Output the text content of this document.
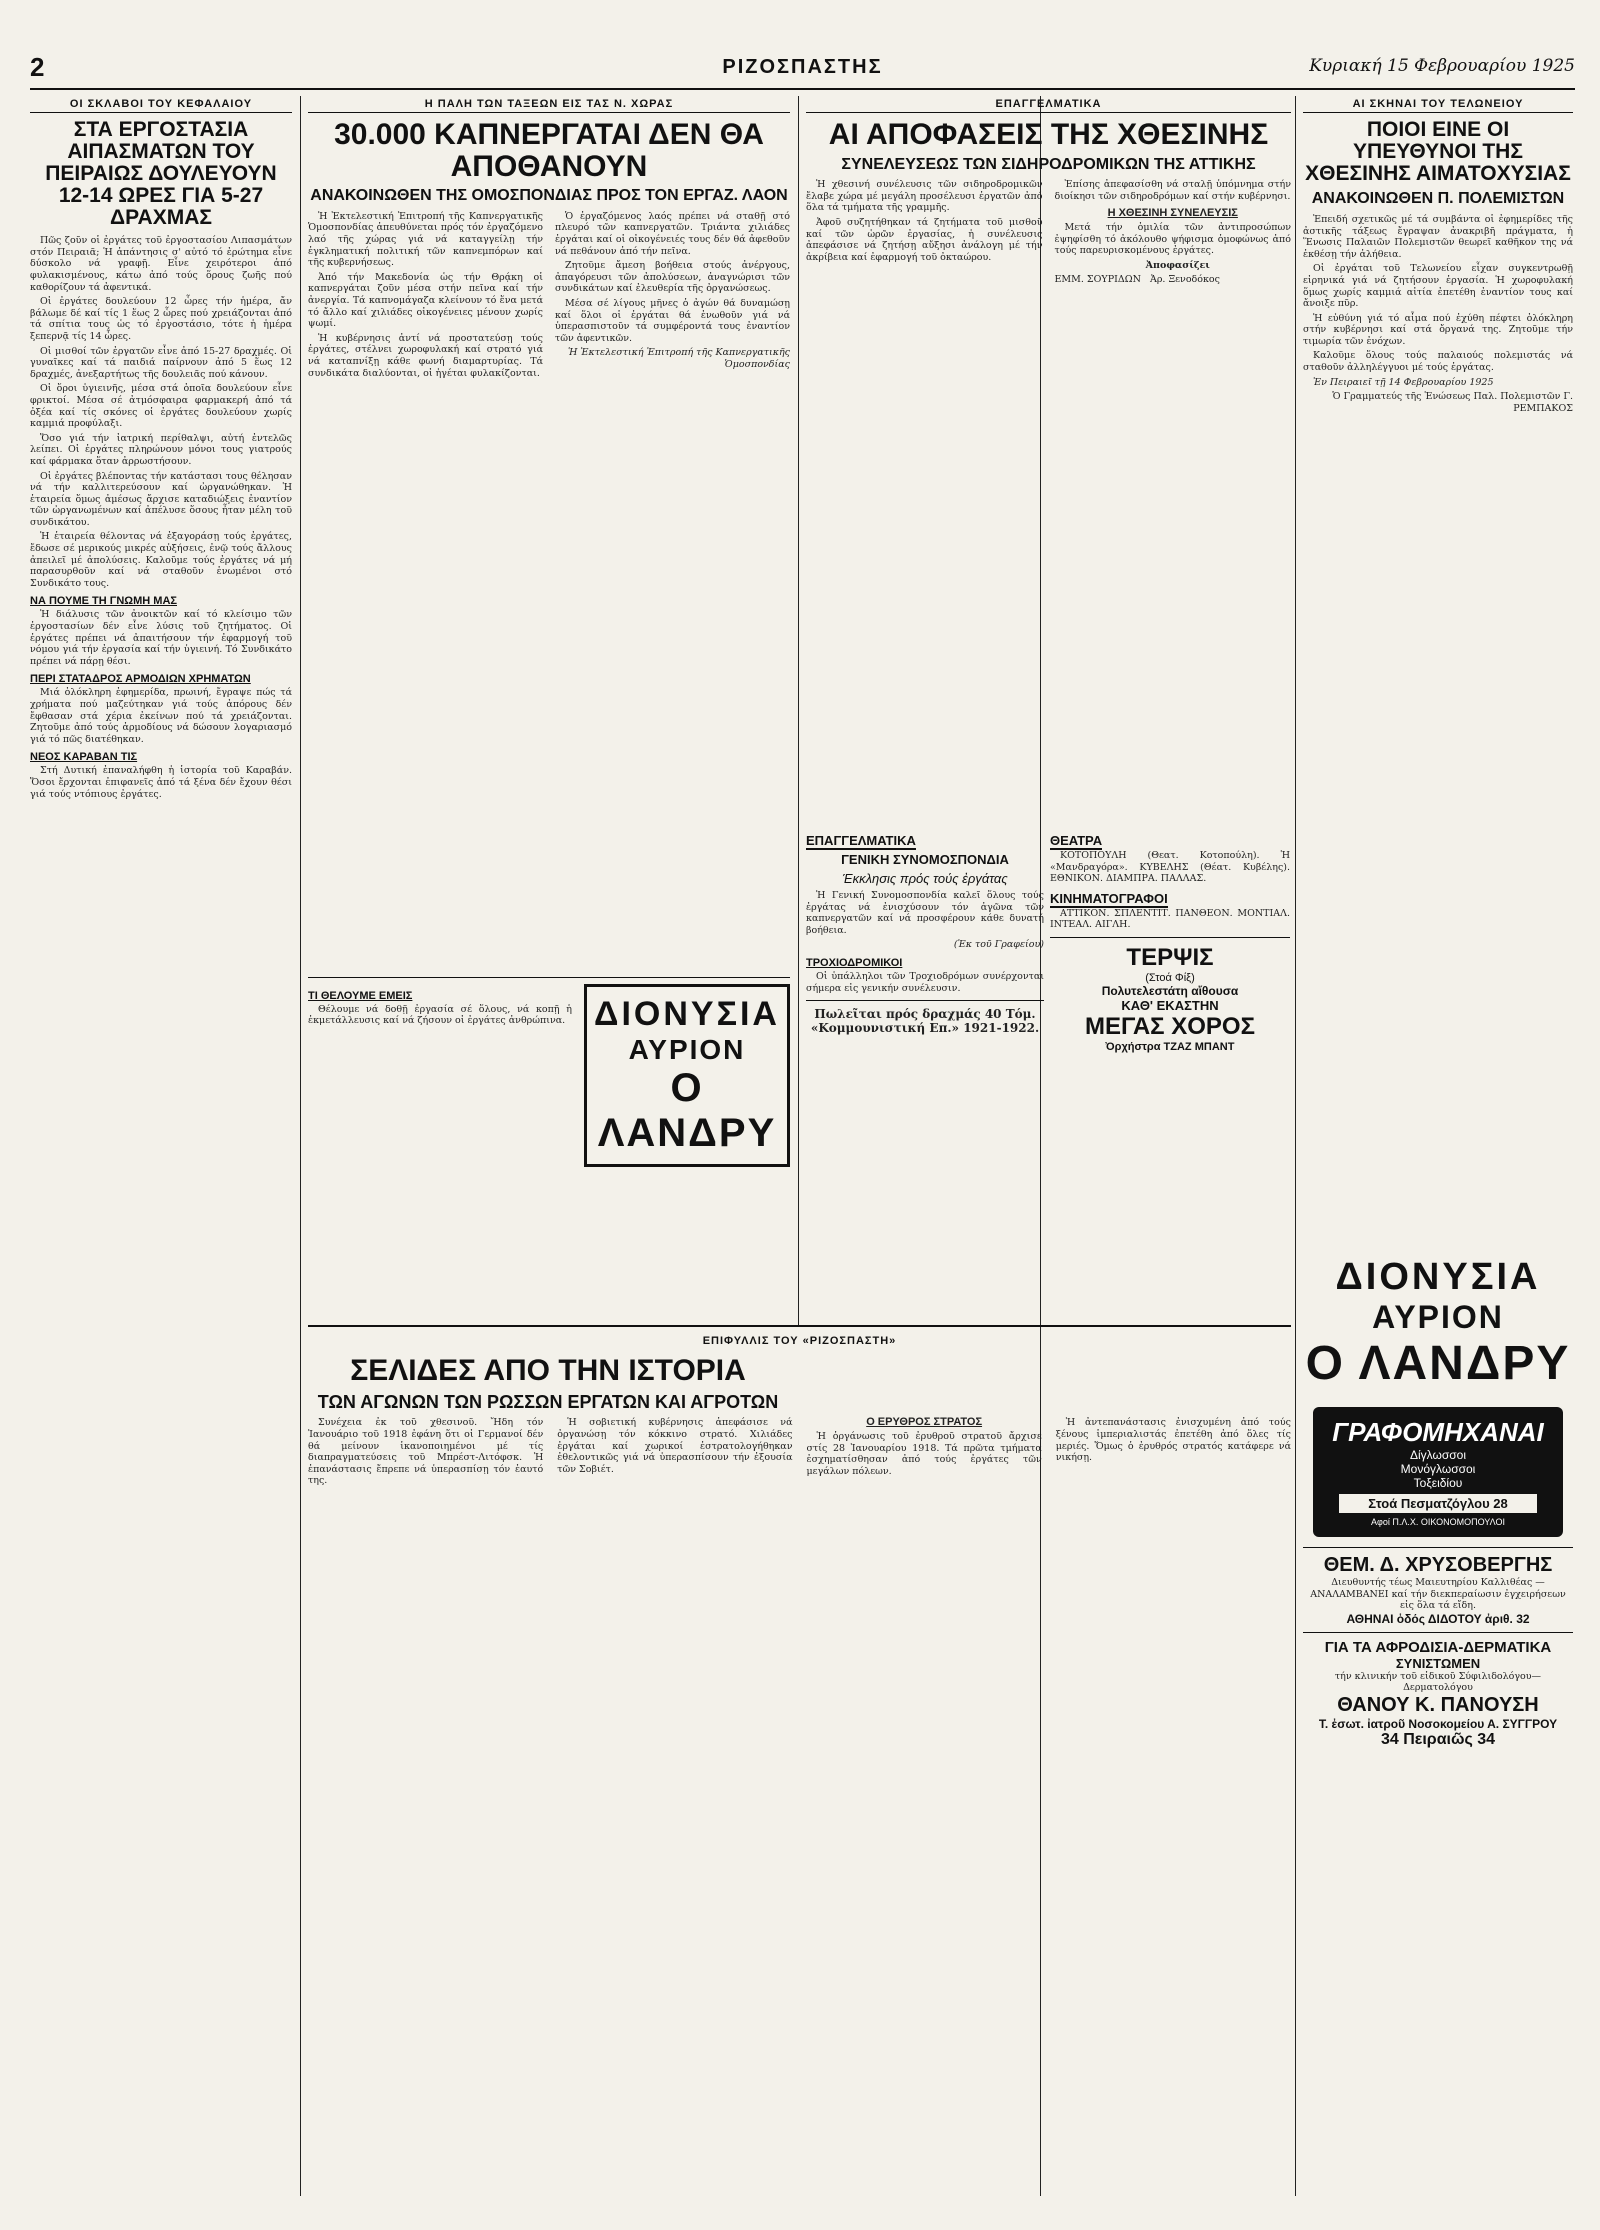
2	ΡΙΖΟΣΠΑΣΤΗΣ	Κυριακή 15 Φεβρουαρίου 1925
ΟΙ ΣΚΛΑΒΟΙ ΤΟΥ ΚΕΦΑΛΑΙΟΥ
ΣΤΑ ΕΡΓΟΣΤΑΣΙΑ ΑΙΠΑΣΜΑΤΩΝ ΤΟΥ ΠΕΙΡΑΙΩΣ ΔΟΥΛΕΥΟΥΝ 12-14 ΩΡΕΣ ΓΙΑ 5-27 ΔΡΑΧΜΑΣ

Πῶς ζοῦν οἱ ἐργάτες τοῦ ἐργοστασίου Λιπασμάτων στόν Πειραιᾶ; Ἡ ἀπάντησις σ' αὐτό τό ἐρώτημα εἶνε δύσκολο νά γραφῇ. Εἶνε χειρότεροι ἀπό φυλακισμένους, κάτω ἀπό τούς ὅρους ζωῆς πού καθορίζουν τά ἀφεντικά.

Οἱ ἐργάτες δουλεύουν 12 ὧρες τήν ἡμέρα, ἄν βάλωμε δέ καί τίς 1 ἕως 2 ὧρες πού χρειάζονται ἀπό τά σπίτια τους ὡς τό ἐργοστάσιο, τότε ἡ ἡμέρα ξεπερνᾷ τίς 14 ὧρες.

Οἱ μισθοί τῶν ἐργατῶν εἶνε ἀπό 15-27 δραχμές. Οἱ γυναῖκες καί τά παιδιά παίρνουν ἀπό 5 ἕως 12 δραχμές, ἀνεξαρτήτως τῆς δουλειᾶς πού κάνουν.

Οἱ ὅροι ὑγιεινῆς, μέσα στά ὁποῖα δουλεύουν εἶνε φρικτοί. Μέσα σέ ἀτμόσφαιρα φαρμακερή ἀπό τά ὀξέα καί τίς σκόνες οἱ ἐργάτες δουλεύουν χωρίς καμμιά προφύλαξι.

Ὅσο γιά τήν ἰατρική περίθαλψι, αὐτή ἐντελῶς λείπει. Οἱ ἐργάτες πληρώνουν μόνοι τους γιατρούς καί φάρμακα ὅταν ἀρρωστήσουν.

Οἱ ἐργάτες βλέποντας τήν κατάστασι τους θέλησαν νά τήν καλλιτερεύσουν καί ὠργανώθηκαν. Ἡ ἑταιρεία ὅμως ἀμέσως ἄρχισε καταδιώξεις ἐναντίον τῶν ὠργανωμένων καί ἀπέλυσε ὅσους ἦταν μέλη τοῦ συνδικάτου.

Ἡ ἑταιρεία θέλοντας νά ἐξαγοράσῃ τούς ἐργάτες, ἔδωσε σέ μερικούς μικρές αὐξήσεις, ἐνῷ τούς ἄλλους ἀπειλεῖ μέ ἀπολύσεις. Καλοῦμε τούς ἐργάτες νά μή παρασυρθοῦν καί νά σταθοῦν ἑνωμένοι στό Συνδικάτο τους.

ΝΑ ΠΟΥΜΕ ΤΗ ΓΝΩΜΗ ΜΑΣ

Ἡ διάλυσις τῶν ἀνοικτῶν καί τό κλείσιμο τῶν ἐργοστασίων δέν εἶνε λύσις τοῦ ζητήματος. Οἱ ἐργάτες πρέπει νά ἀπαιτήσουν τήν ἐφαρμογή τοῦ νόμου γιά τήν ἐργασία καί τήν ὑγιεινή. Τό Συνδικάτο πρέπει νά πάρῃ θέσι.

ΠΕΡΙ ΣΤΑΤΑΔΡΟΣ ΑΡΜΟΔΙΩΝ ΧΡΗΜΑΤΩΝ

Μιά ὁλόκληρη ἐφημερίδα, πρωινή, ἔγραψε πώς τά χρήματα πού μαζεύτηκαν γιά τούς ἀπόρους δέν ἔφθασαν στά χέρια ἐκείνων πού τά χρειάζονται. Ζητοῦμε ἀπό τούς ἁρμοδίους νά δώσουν λογαριασμό γιά τό πῶς διατέθηκαν.

ΝΕΟΣ ΚΑΡΑΒΑΝ ΤΙΣ

Στή Δυτική ἐπαναλήφθη ἡ ἱστορία τοῦ Καραβάν. Ὅσοι ἔρχονται ἐπιφανεῖς ἀπό τά ξένα δέν ἔχουν θέσι γιά τούς ντόπιους ἐργάτες.

Η ΠΑΛΗ ΤΩΝ ΤΑΞΕΩΝ ΕΙΣ ΤΑΣ Ν. ΧΩΡΑΣ
30.000 ΚΑΠΝΕΡΓΑΤΑΙ ΔΕΝ ΘΑ ΑΠΟΘΑΝΟΥΝ
ΑΝΑΚΟΙΝΩΘΕΝ ΤΗΣ ΟΜΟΣΠΟΝΔΙΑΣ ΠΡΟΣ ΤΟΝ ΕΡΓΑΖ. ΛΑΟΝ

Ἡ Ἐκτελεστική Ἐπιτροπή τῆς Καπνεργατικῆς Ὁμοσπονδίας ἀπευθύνεται πρός τόν ἐργαζόμενο λαό τῆς χώρας γιά νά καταγγείλῃ τήν ἐγκληματική πολιτική τῶν καπνεμπόρων καί τῆς κυβερνήσεως.

Ἀπό τήν Μακεδονία ὡς τήν Θρᾴκη οἱ καπνεργάται ζοῦν μέσα στήν πεῖνα καί τήν ἀνεργία. Τά καπνομάγαζα κλείνουν τό ἕνα μετά τό ἄλλο καί χιλιάδες οἰκογένειες μένουν χωρίς ψωμί.

Ἡ κυβέρνησις ἀντί νά προστατεύσῃ τούς ἐργάτες, στέλνει χωροφυλακή καί στρατό γιά νά καταπνίξῃ κάθε φωνή διαμαρτυρίας. Τά συνδικάτα διαλύονται, οἱ ἡγέται φυλακίζονται.

Ὁ ἐργαζόμενος λαός πρέπει νά σταθῇ στό πλευρό τῶν καπνεργατῶν. Τριάντα χιλιάδες ἐργάται καί οἱ οἰκογένειές τους δέν θά ἀφεθοῦν νά πεθάνουν ἀπό τήν πεῖνα.

Ζητοῦμε ἄμεση βοήθεια στούς ἀνέργους, ἀπαγόρευσι τῶν ἀπολύσεων, ἀναγνώρισι τῶν συνδικάτων καί ἐλευθερία τῆς ὀργανώσεως.

Μέσα σέ λίγους μῆνες ὁ ἀγών θά δυναμώσῃ καί ὅλοι οἱ ἐργάται θά ἑνωθοῦν γιά νά ὑπερασπιστοῦν τά συμφέροντά τους ἐναντίον τῶν ἀφεντικῶν.

Ἡ Ἐκτελεστική Ἐπιτροπή τῆς Καπνεργατικῆς Ὁμοσπονδίας

ΤΙ ΘΕΛΟΥΜΕ ΕΜΕΙΣ

Θέλουμε νά δοθῇ ἐργασία σέ ὅλους, νά κοπῇ ἡ ἐκμετάλλευσις καί νά ζήσουν οἱ ἐργάτες ἀνθρώπινα. ΔΙΟΝΥΣΙΑ
ΑΥΡΙΟΝ
Ο ΛΑΝΔΡΥ
ΕΠΑΓΓΕΛΜΑΤΙΚΑ
ΑΙ ΑΠΟΦΑΣΕΙΣ ΤΗΣ ΧΘΕΣΙΝΗΣ
ΣΥΝΕΛΕΥΣΕΩΣ ΤΩΝ ΣΙΔΗΡΟΔΡΟΜΙΚΩΝ ΤΗΣ ΑΤΤΙΚΗΣ

Ἡ χθεσινή συνέλευσις τῶν σιδηροδρομικῶν ἔλαβε χώρα μέ μεγάλη προσέλευσι ἐργατῶν ἀπό ὅλα τά τμήματα τῆς γραμμῆς.

Ἀφοῦ συζητήθηκαν τά ζητήματα τοῦ μισθοῦ καί τῶν ὡρῶν ἐργασίας, ἡ συνέλευσις ἀπεφάσισε νά ζητήσῃ αὔξησι ἀνάλογη μέ τήν ἀκρίβεια καί ἐφαρμογή τοῦ ὀκταώρου.

Ἐπίσης ἀπεφασίσθη νά σταλῇ ὑπόμνημα στήν διοίκησι τῶν σιδηροδρόμων καί στήν κυβέρνησι.

Η ΧΘΕΣΙΝΗ ΣΥΝΕΛΕΥΣΙΣ

Μετά τήν ὁμιλία τῶν ἀντιπροσώπων ἐψηφίσθη τό ἀκόλουθο ψήφισμα ὁμοφώνως ἀπό τούς παρευρισκομένους ἐργάτες.

Ἀποφασίζει

ΕΜΜ. ΣΟΥΡΙΔΩΝ Ἀρ. Ξενοδόκος

ΕΠΑΓΓΕΛΜΑΤΙΚΑ
ΓΕΝΙΚΗ ΣΥΝΟΜΟΣΠΟΝΔΙΑ
Έκκλησις πρός τούς ἐργάτας

Ἡ Γενική Συνομοσπονδία καλεῖ ὅλους τούς ἐργάτας νά ἐνισχύσουν τόν ἀγῶνα τῶν καπνεργατῶν καί νά προσφέρουν κάθε δυνατή βοήθεια.

(Ἐκ τοῦ Γραφείου)
ΤΡΟΧΙΟΔΡΟΜΙΚΟΙ

Οἱ ὑπάλληλοι τῶν Τροχιοδρόμων συνέρχονται σήμερα εἰς γενικήν συνέλευσιν.

Πωλεῖται πρός δραχμάς 40 Τόμ. «Κομμουνιστική Επ.» 1921-1922.
ΘΕΑΤΡΑ

ΚΟΤΟΠΟΥΛΗ (Θεατ. Κοτοπούλη). Ἡ «Μανδραγόρα». ΚΥΒΕΛΗΣ (Θέατ. Κυβέλης). ΕΘΝΙΚΟΝ. ΔΙΑΜΠΡΑ. ΠΑΛΛΑΣ.

ΚΙΝΗΜΑΤΟΓΡΑΦΟΙ

ΑΤΤΙΚΟΝ. ΣΠΛΕΝΤΙΤ. ΠΑΝΘΕΟΝ. ΜΟΝΤΙΑΛ. ΙΝΤΕΑΛ. ΑΙΓΛΗ.

ΤΕΡΨΙΣ
(Στοά Φίξ)
Πολυτελεστάτη αἴθουσα
ΚΑΘ' ΕΚΑΣΤΗΝ
ΜΕΓΑΣ ΧΟΡΟΣ
Ὀρχήστρα ΤΖΑΖ ΜΠΑΝΤ
ΑΙ ΣΚΗΝΑΙ ΤΟΥ ΤΕΛΩΝΕΙΟΥ
ΠΟΙΟΙ ΕΙΝΕ ΟΙ ΥΠΕΥΘΥΝΟΙ ΤΗΣ ΧΘΕΣΙΝΗΣ ΑΙΜΑΤΟΧΥΣΙΑΣ
ΑΝΑΚΟΙΝΩΘΕΝ Π. ΠΟΛΕΜΙΣΤΩΝ

Ἐπειδή σχετικῶς μέ τά συμβάντα οἱ ἐφημερίδες τῆς ἀστικῆς τάξεως ἔγραψαν ἀνακριβῆ πράγματα, ἡ Ἕνωσις Παλαιῶν Πολεμιστῶν θεωρεῖ καθῆκον της νά ἐκθέσῃ τήν ἀλήθεια.

Οἱ ἐργάται τοῦ Τελωνείου εἶχαν συγκεντρωθῇ εἰρηνικά γιά νά ζητήσουν ἐργασία. Ἡ χωροφυλακή ὅμως χωρίς καμμιά αἰτία ἐπετέθη ἐναντίον τους καί ἄνοιξε πῦρ.

Ἡ εὐθύνη γιά τό αἷμα πού ἐχύθη πέφτει ὁλόκληρη στήν κυβέρνησι καί στά ὄργανά της. Ζητοῦμε τήν τιμωρία τῶν ἐνόχων.

Καλοῦμε ὅλους τούς παλαιούς πολεμιστάς νά σταθοῦν ἀλληλέγγυοι μέ τούς ἐργάτας.

Ἐν Πειραιεῖ τῇ 14 Φεβρουαρίου 1925

Ὁ Γραμματεύς τῆς Ἑνώσεως Παλ. Πολεμιστῶν Γ. ΡΕΜΠΑΚΟΣ

ΔΙΟΝΥΣΙΑ
ΑΥΡΙΟΝ
Ο ΛΑΝΔΡΥ
ΓΡΑΦΟΜΗΧΑΝΑΙ
Δίγλωσσοι
Μονόγλωσσοι
Τοξειδίου
Στοά Πεσματζόγλου 28
Αφοί Π.Λ.Χ. ΟΙΚΟΝΟΜΟΠΟΥΛΟΙ
ΘΕΜ. Δ. ΧΡΥΣΟΒΕΡΓΗΣ
Διευθυντής τέως Μαιευτηρίου Καλλιθέας — ΑΝΑΛΑΜΒΑΝΕΙ καί τήν διεκπεραίωσιν ἐγχειρήσεων εἰς ὅλα τά εἴδη.
ΑΘΗΝΑΙ ὁδός ΔΙΔΟΤΟΥ ἀριθ. 32
ΓΙΑ ΤΑ ΑΦΡΟΔΙΣΙΑ-ΔΕΡΜΑΤΙΚΑ
ΣΥΝΙΣΤΩΜΕΝ
τήν κλινικήν τοῦ εἰδικοῦ Σύφιλιδολόγου—Δερματολόγου
ΘΑΝΟΥ Κ. ΠΑΝΟΥΣΗ
Τ. ἐσωτ. ἰατροῦ Νοσοκομείου Α. ΣΥΓΓΡΟΥ
34 Πειραιῶς 34
ΕΠΙΦΥΛΛΙΣ ΤΟΥ «ΡΙΖΟΣΠΑΣΤΗ»
ΣΕΛΙΔΕΣ ΑΠΟ ΤΗΝ ΙΣΤΟΡΙΑ
ΤΩΝ ΑΓΩΝΩΝ ΤΩΝ ΡΩΣΣΩΝ ΕΡΓΑΤΩΝ ΚΑΙ ΑΓΡΟΤΩΝ

Συνέχεια ἐκ τοῦ χθεσινοῦ. Ἤδη τόν Ἰανουάριο τοῦ 1918 ἐφάνη ὅτι οἱ Γερμανοί δέν θά μείνουν ἱκανοποιημένοι μέ τίς διαπραγματεύσεις τοῦ Μπρέστ-Λιτόφσκ. Ἡ ἐπανάστασις ἔπρεπε νά ὑπερασπίσῃ τόν ἑαυτό της.

Ἡ σοβιετική κυβέρνησις ἀπεφάσισε νά ὀργανώσῃ τόν κόκκινο στρατό. Χιλιάδες ἐργάται καί χωρικοί ἐστρατολογήθηκαν ἐθελοντικῶς γιά νά ὑπερασπίσουν τήν ἐξουσία τῶν Σοβιέτ.

Ο ΕΡΥΘΡΟΣ ΣΤΡΑΤΟΣ

Ἡ ὀργάνωσις τοῦ ἐρυθροῦ στρατοῦ ἄρχισε στίς 28 Ἰανουαρίου 1918. Τά πρῶτα τμήματα ἐσχηματίσθησαν ἀπό τούς ἐργάτες τῶν μεγάλων πόλεων.

Ἡ ἀντεπανάστασις ἐνισχυμένη ἀπό τούς ξένους ἱμπεριαλιστάς ἐπετέθη ἀπό ὅλες τίς μεριές. Ὅμως ὁ ἐρυθρός στρατός κατάφερε νά νικήσῃ.
